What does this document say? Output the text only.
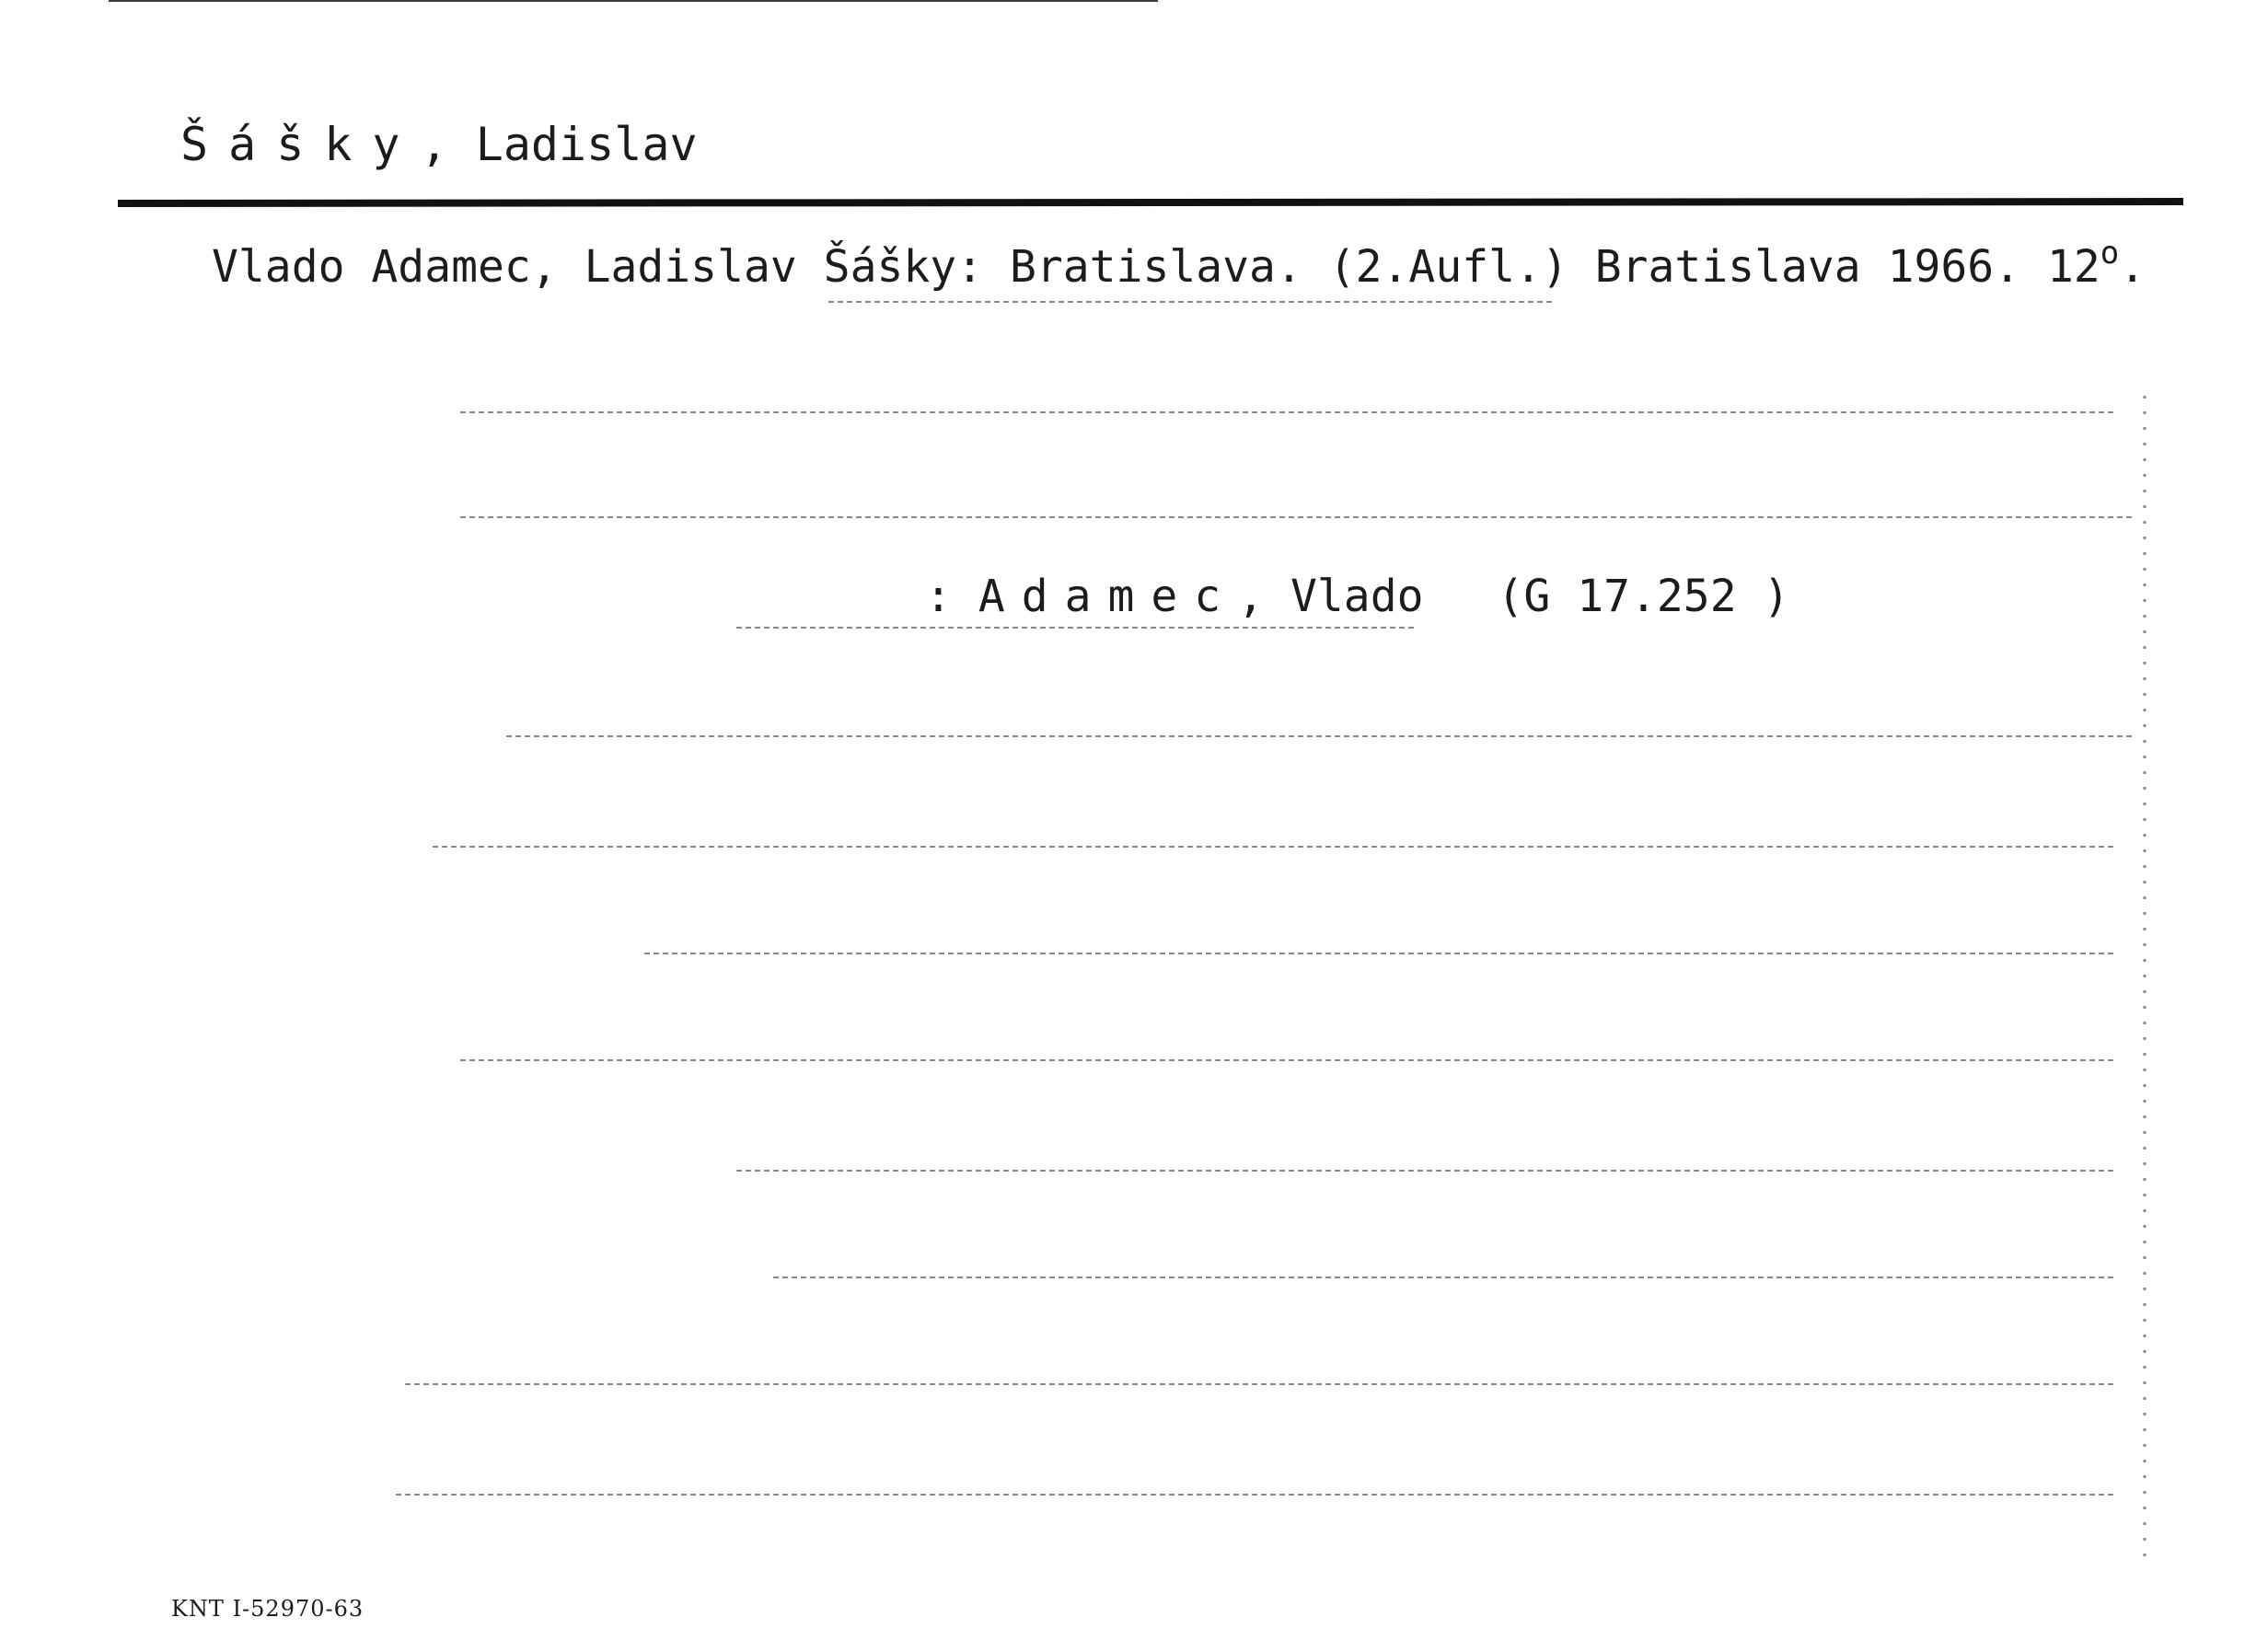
Šášky, Ladislav
Vlado Adamec, Ladislav Šášky: Bratislava. (2.Aufl.) Bratislava 1966. 12$^o$.
: Adamec, Vlado (G 17.252 )
KNT I-52970-63
